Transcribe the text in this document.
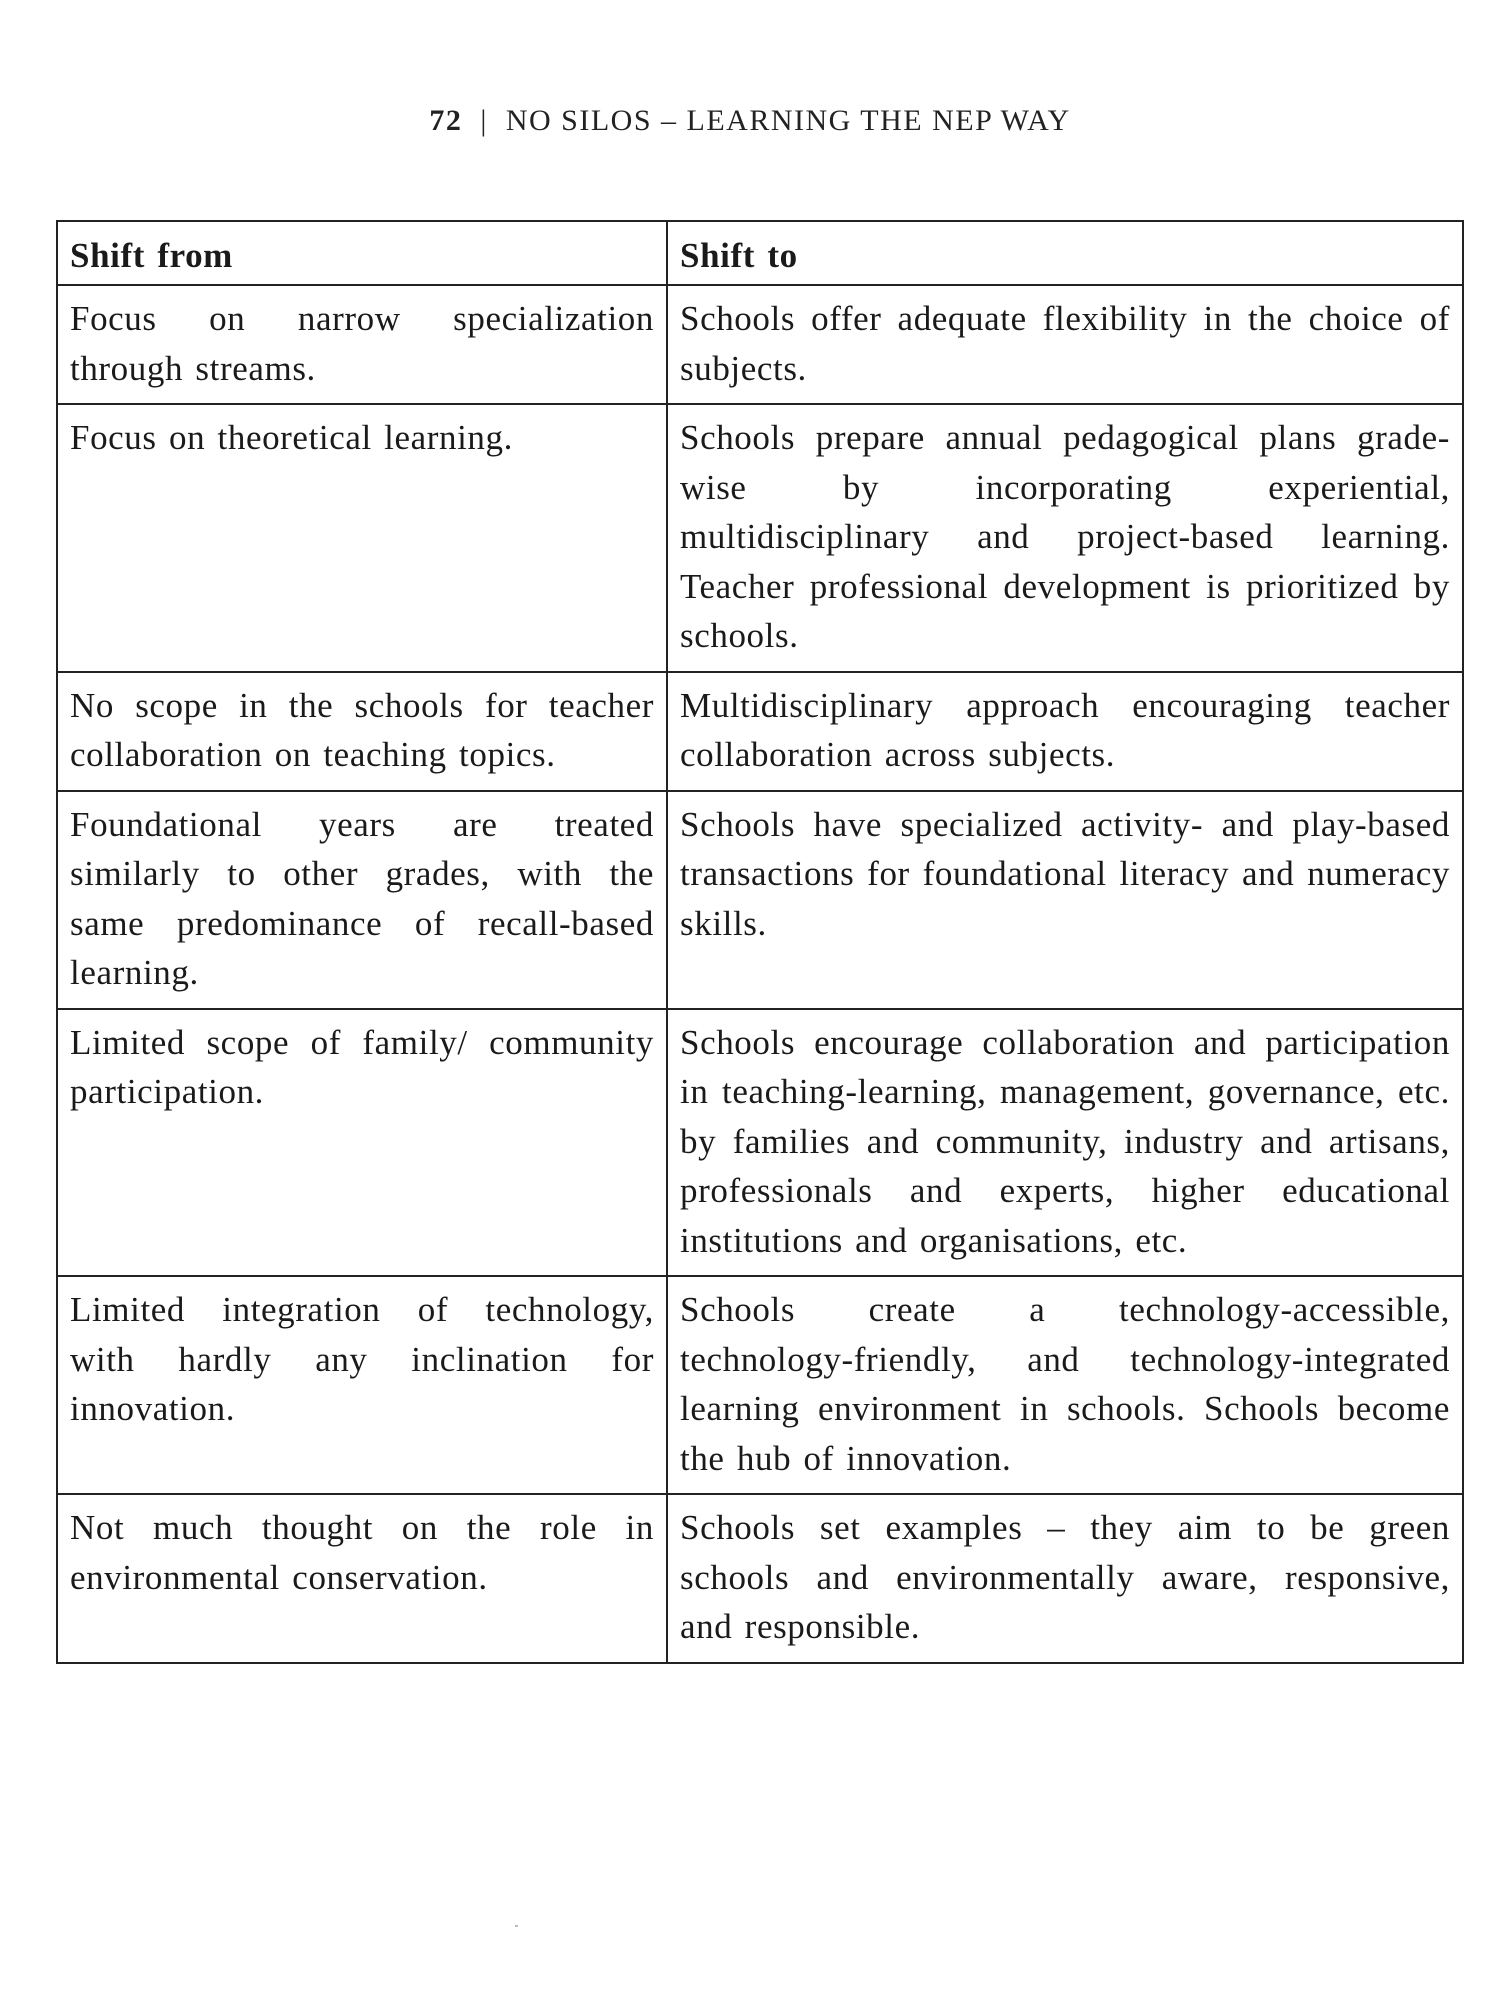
72 | NO SILOS – LEARNING THE NEP WAY
Shift from	Shift to
Focus on narrow specialization through streams.	Schools offer adequate flexibility in the choice of subjects.
Focus on theoretical learning.	Schools prepare annual pedagogical plans grade-wise by incorporating experiential, multidisciplinary and project-based learning. Teacher professional development is prioritized by schools.
No scope in the schools for teacher collaboration on teaching topics.	Multidisciplinary approach encouraging teacher collaboration across subjects.
Foundational years are treated similarly to other grades, with the same predominance of recall-based learning.	Schools have specialized activity- and play-based transactions for foundational literacy and numeracy skills.
Limited scope of family/ community participation.	Schools encourage collaboration and participation in teaching-learning, management, governance, etc. by families and community, industry and artisans, professionals and experts, higher educational institutions and organisations, etc.
Limited integration of technology, with hardly any inclination for innovation.	Schools create a technology-accessible, technology-friendly, and technology-integrated learning environment in schools. Schools become the hub of innovation.
Not much thought on the role in environmental conservation.	Schools set examples – they aim to be green schools and environmentally aware, responsive, and responsible.
